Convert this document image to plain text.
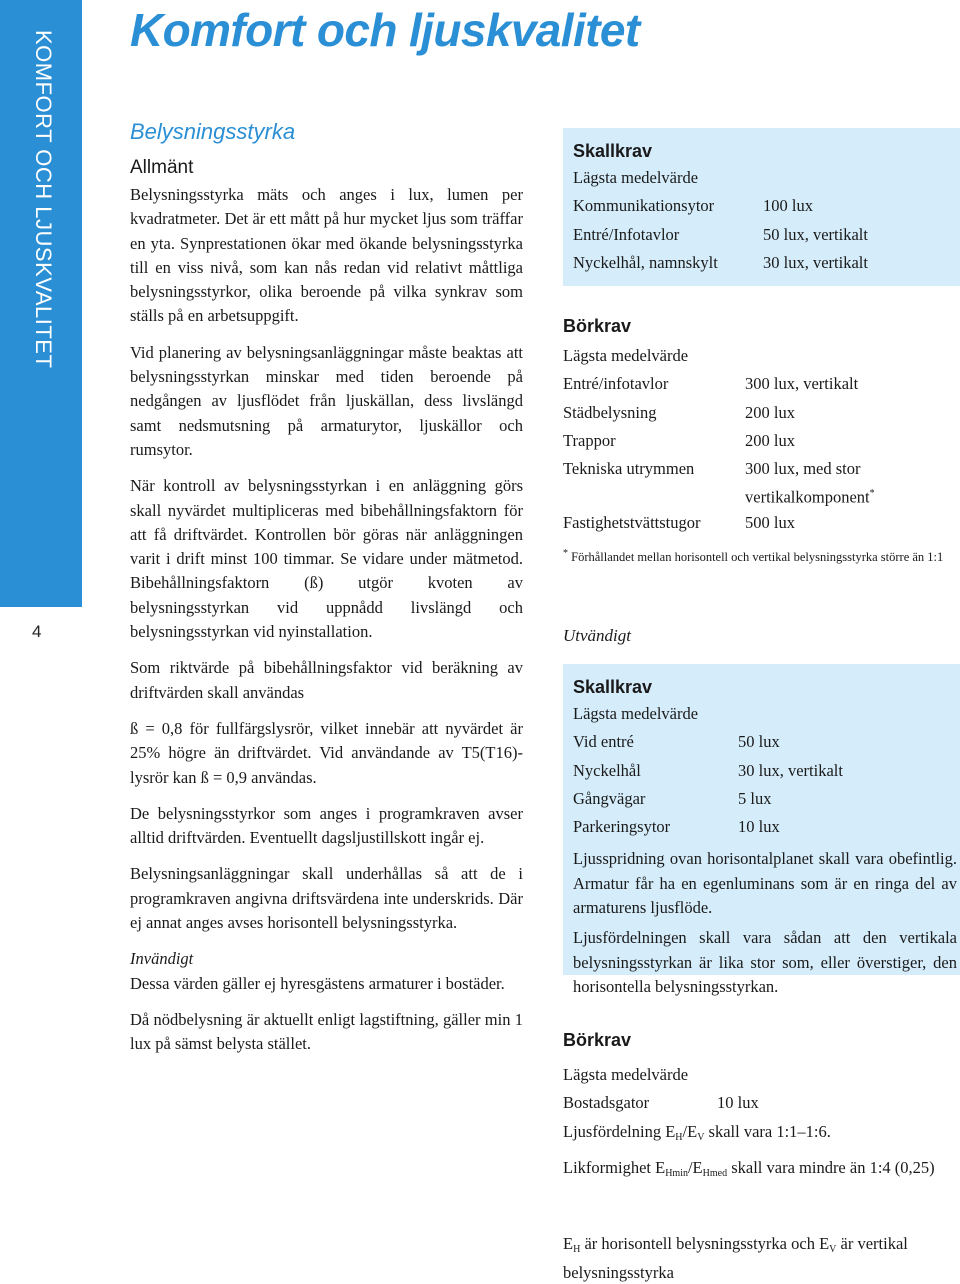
KOMFORT OCH LJUSKVALITET
4
Komfort och ljuskvalitet
Belysningsstyrka
Allmänt

Belysningsstyrka mäts och anges i lux, lumen per kvadratmeter. Det är ett mått på hur mycket ljus som träffar en yta. Synprestationen ökar med ökande belysningsstyrka till en viss nivå, som kan nås redan vid relativt måttliga belysningsstyrkor, olika beroende på vilka synkrav som ställs på en arbetsuppgift.

Vid planering av belysningsanläggningar måste beaktas att belysningsstyrkan minskar med tiden beroende på nedgången av ljusflödet från ljuskällan, dess livslängd samt nedsmutsning på armaturytor, ljuskällor och rumsytor.

När kontroll av belysningsstyrkan i en anläggning görs skall nyvärdet multipliceras med bibehållningsfaktorn för att få driftvärdet. Kontrollen bör göras när anläggningen varit i drift minst 100 timmar. Se vidare under mätmetod. Bibehållningsfaktorn (ß) utgör kvoten av belysningsstyrkan vid uppnådd livslängd och belysningsstyrkan vid nyinstallation.

Som riktvärde på bibehållningsfaktor vid beräkning av driftvärden skall användas

ß = 0,8 för fullfärgslysrör, vilket innebär att nyvärdet är 25% högre än driftvärdet. Vid användande av T5(T16)-lysrör kan ß = 0,9 användas.

De belysningsstyrkor som anges i programkraven avser alltid driftvärden. Eventuellt dagsljustillskott ingår ej.

Belysningsanläggningar skall underhållas så att de i programkraven angivna driftsvärdena inte underskrids. Där ej annat anges avses horisontell belysningsstyrka.

Invändigt
Dessa värden gäller ej hyresgästens armaturer i bostäder.

Då nödbelysning är aktuellt enligt lagstiftning, gäller min 1 lux på sämst belysta stället.

Skallkrav
Lägsta medelvärde
Kommunikationsytor	100 lux
Entré/Infotavlor	50 lux, vertikalt
Nyckelhål, namnskylt	30 lux, vertikalt
Börkrav
Lägsta medelvärde
Entré/infotavlor	300 lux, vertikalt
Städbelysning	200 lux
Trappor	200 lux
Tekniska utrymmen	300 lux, med stor
vertikalkomponent*
Fastighetstvättstugor	500 lux

* Förhållandet mellan horisontell och vertikal belysningsstyrka större än 1:1

Utvändigt
Skallkrav
Lägsta medelvärde
Vid entré	50 lux
Nyckelhål	30 lux, vertikalt
Gångvägar	5 lux
Parkeringsytor	10 lux

Ljusspridning ovan horisontalplanet skall vara obefintlig. Armatur får ha en egenluminans som är en ringa del av armaturens ljusflöde.

Ljusfördelningen skall vara sådan att den vertikala belysningsstyrkan är lika stor som, eller överstiger, den horisontella belysningsstyrkan.

Börkrav
Lägsta medelvärde
Bostadsgator	10 lux
Ljusfördelning $E_H/E_V$ skall vara 1:1–1:6.
Likformighet $E_{Hmin}/E_{Hmed}$ skall vara mindre än 1:4 (0,25)
$E_H$ är horisontell belysningsstyrka och $E_V$ är vertikal belysningsstyrka
